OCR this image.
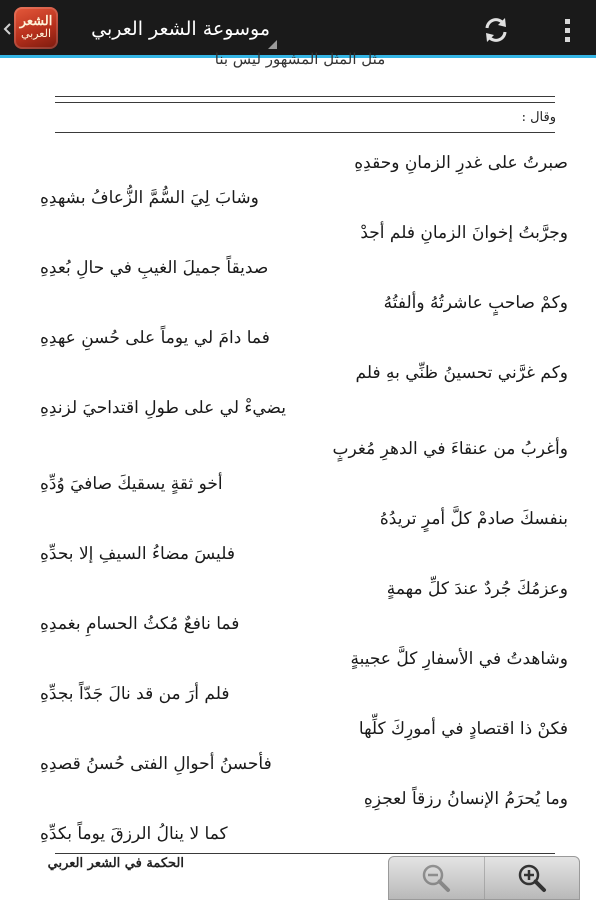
الشعر
العربي	موسوعة الشعر العربي
مثل المثل المشهور ليس بنا
وقال :
صبرتُ على غدرِ الزمانِ وحقدِهِ
وشابَ لِيَ السُّمَّ الزُّعافُ بشهدِهِ
وجرَّبتُ إخوانَ الزمانِ فلم أجدْ
صديقاً جميلَ الغيبِ في حالِ بُعدِهِ
وكمْ صاحبٍ عاشرتُهُ وألفتُهُ
فما دامَ لي يوماً على حُسنِ عهدِهِ
وكم غرَّني تحسينُ ظنِّي بهِ فلم
يضيءْ لي على طولِ اقتداحيَ لزندِهِ
وأغربُ من عنقاءَ في الدهرِ مُغربٍ
أخو ثقةٍ يسقيكَ صافيَ وُدِّهِ
بنفسكَ صادمْ كلَّ أمرٍ تريدُهُ
فليسَ مضاءُ السيفِ إلا بحدِّهِ
وعزمُكَ جُردٌ عندَ كلِّ مهمةٍ
فما نافعٌ مُكثُ الحسامِ بغمدِهِ
وشاهدتُ في الأسفارِ كلَّ عجيبةٍ
فلم أرَ من قد نالَ جَدّاً بجدِّهِ
فكنْ ذا اقتصادٍ في أمورِكَ كلِّها
فأحسنُ أحوالِ الفتى حُسنُ قصدِهِ
وما يُحرَمُ الإنسانُ رزقاً لعجزِهِ
كما لا ينالُ الرزقَ يوماً بكدِّهِ
الحكمة في الشعر العربي
